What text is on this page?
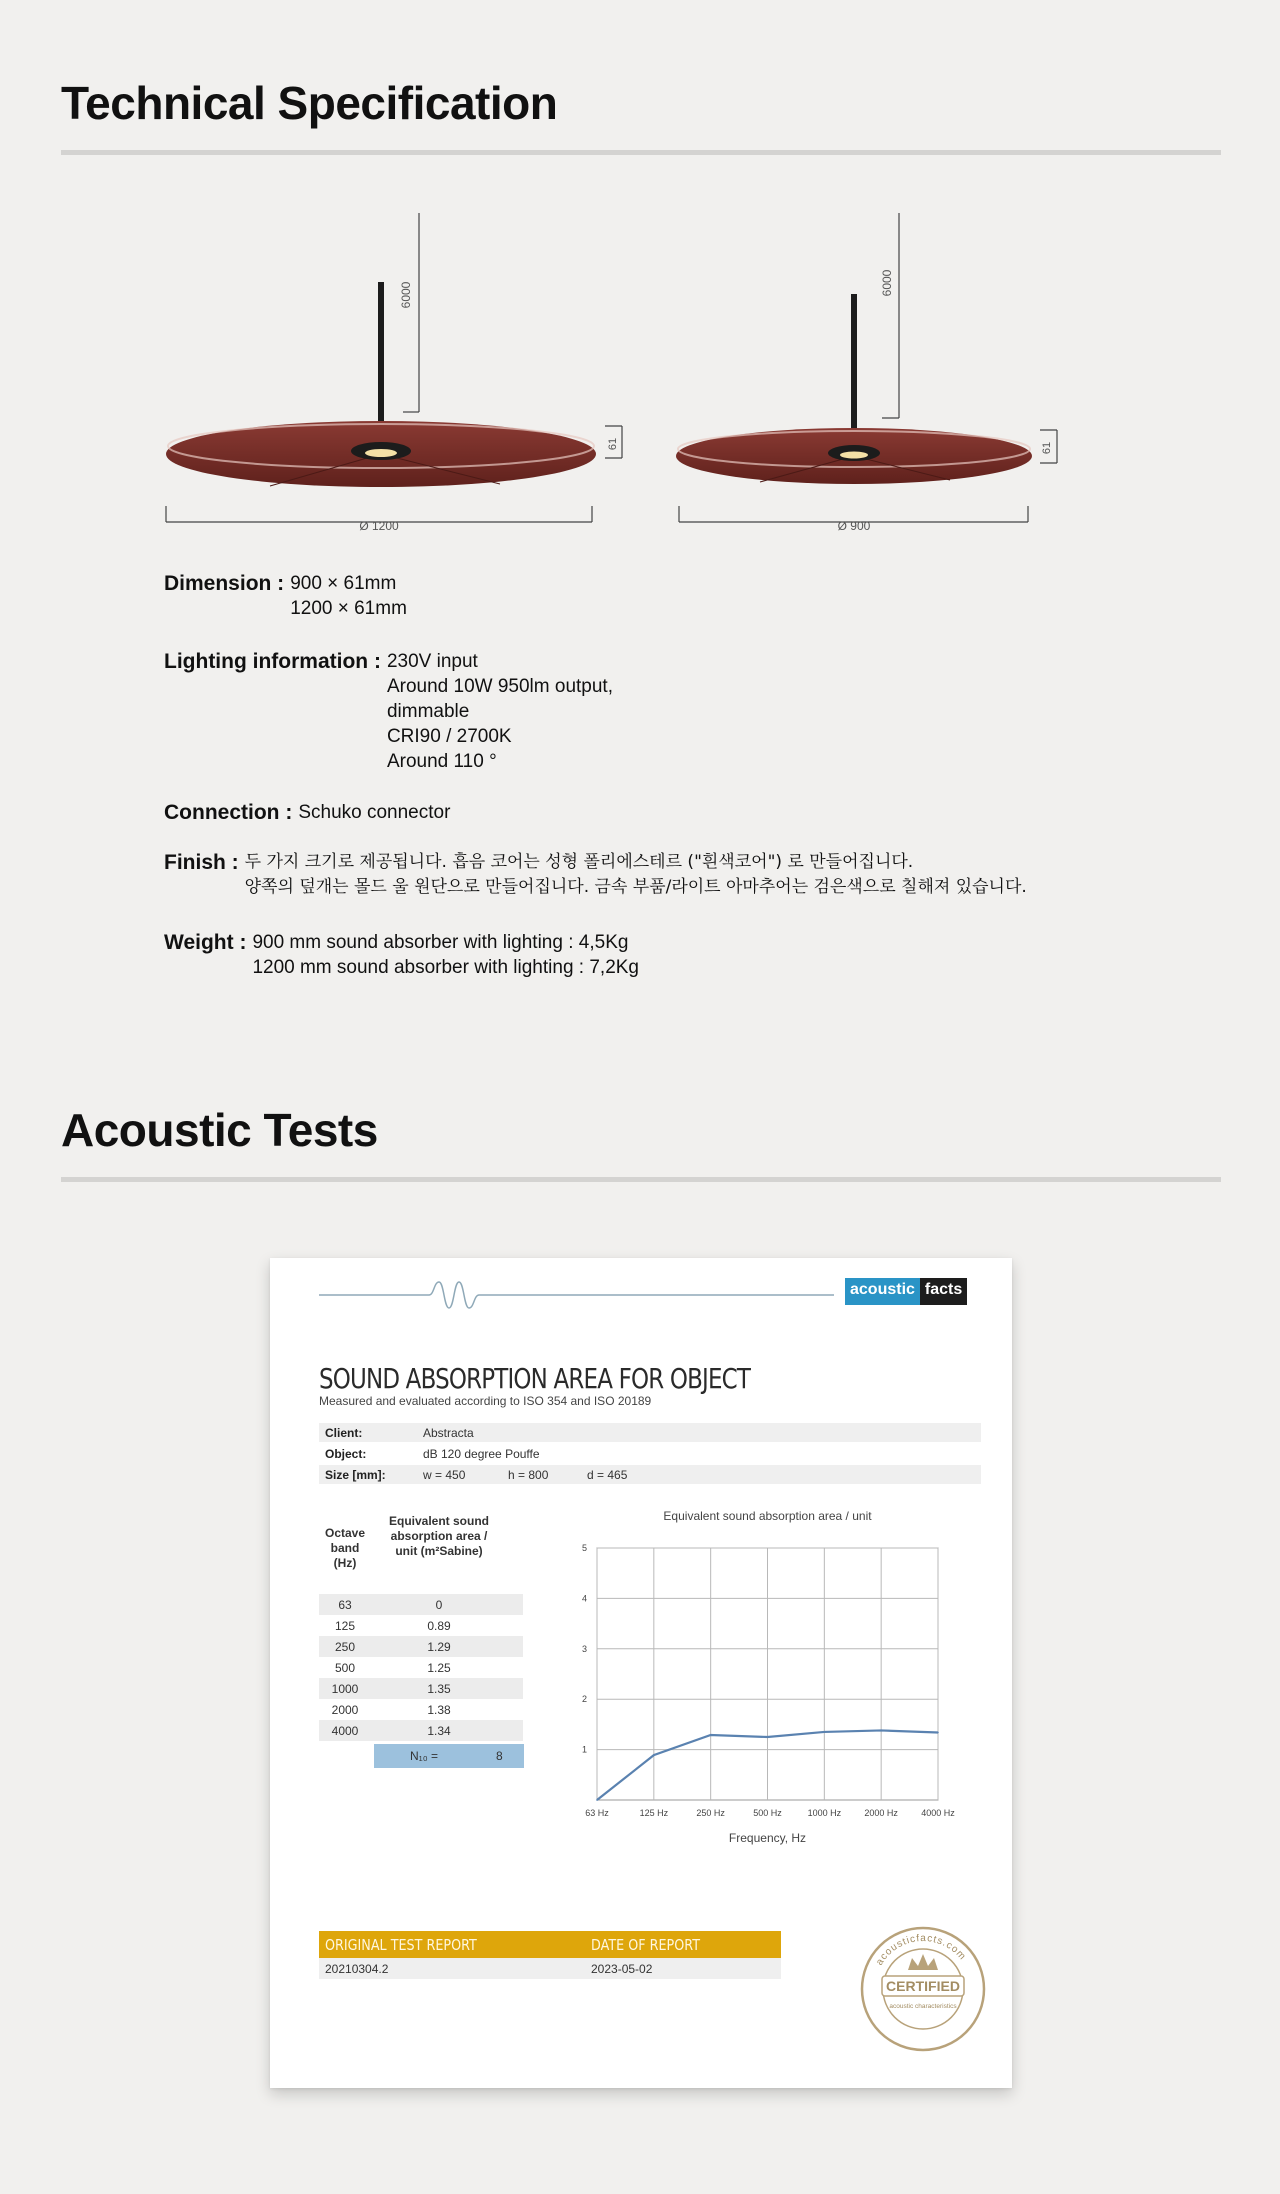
Technical Specification
6000
61
Ø 1200
6000
61
Ø 900
Dimension : 900 × 61mm
1200 × 61mm
Lighting information : 230V input
Around 10W 950lm output,
dimmable
CRI90 / 2700K
Around 110 °
Connection : Schuko connector
Finish : 두 가지 크기로 제공됩니다. 흡음 코어는 성형 폴리에스테르 ("흰색코어") 로 만들어집니다.
양쪽의 덮개는 몰드 울 원단으로 만들어집니다. 금속 부품/라이트 아마추어는 검은색으로 칠해져 있습니다.
Weight : 900 mm sound absorber with lighting : 4,5Kg
1200 mm sound absorber with lighting : 7,2Kg
Acoustic Tests
acoustic facts
SOUND ABSORPTION AREA FOR OBJECT
Measured and evaluated according to ISO 354 and ISO 20189
Client:	Abstracta
Object:	dB 120 degree Pouffe
Size [mm]:	w = 450	h = 800	d = 465
Octave band (Hz)
Equivalent sound absorption area / unit (m²Sabine)
63	0
125	0.89
250	1.29
500	1.25
1000	1.35
2000	1.38
4000	1.34
N₁₀ =	8
Equivalent sound absorption area / unit
63 Hz	125 Hz	250 Hz	500 Hz	1000 Hz	2000 Hz	4000 Hz
1
2
3
4
5
Frequency, Hz
ORIGINAL TEST REPORT	DATE OF REPORT
20210304.2	2023-05-02
acousticfacts.com
CERTIFIED
acoustic characteristics
